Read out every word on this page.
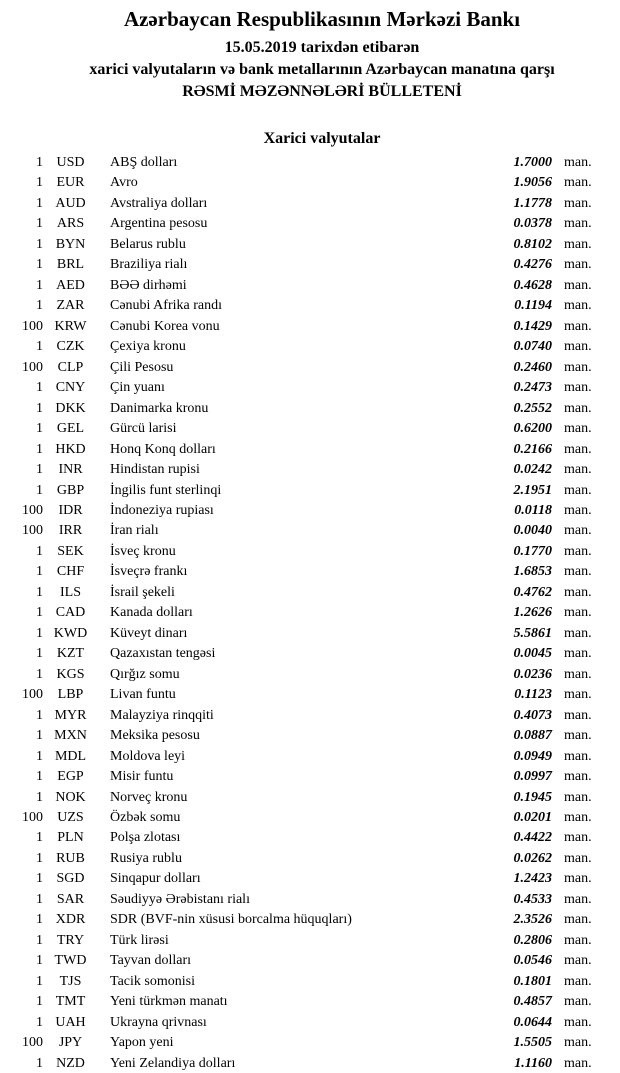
Azərbaycan Respublikasının Mərkəzi Bankı
15.05.2019 tarixdən etibarən
xarici valyutaların və bank metallarının Azərbaycan manatına qarşı
RƏSMİ MƏZƏNNƏLƏRİ BÜLLETENİ
Xarici valyutalar
1 USD	ABŞ dolları	1.7000 man.
1 EUR	Avro	1.9056 man.
1 AUD	Avstraliya dolları	1.1778 man.
1 ARS	Argentina pesosu	0.0378 man.
1 BYN	Belarus rublu	0.8102 man.
1 BRL	Braziliya rialı	0.4276 man.
1 AED	BƏƏ dirhəmi	0.4628 man.
1 ZAR	Cənubi Afrika randı	0.1194 man.
100 KRW	Cənubi Korea vonu	0.1429 man.
1 CZK	Çexiya kronu	0.0740 man.
100	CLP	Çili Pesosu	0.2460 man.
1 CNY	Çin yuanı	0.2473 man.
1 DKK	Danimarka kronu	0.2552 man.
1 GEL	Gürcü larisi	0.6200 man.
1 HKD	Honq Konq dolları	0.2166 man.
1	INR	Hindistan rupisi	0.0242 man.
1 GBP	İngilis funt sterlinqi	2.1951 man.
100	IDR	İndoneziya rupiası	0.0118 man.
100	IRR	İran rialı	0.0040 man.
1	SEK	İsveç kronu	0.1770 man.
1 CHF	İsveçrə frankı	1.6853 man.
1	ILS	İsrail şekeli	0.4762 man.
1 CAD	Kanada dolları	1.2626 man.
1 KWD	Küveyt dinarı	5.5861 man.
1 KZT	Qazaxıstan tengəsi	0.0045 man.
1 KGS	Qırğız somu	0.0236 man.
100	LBP	Livan funtu	0.1123 man.
1 MYR	Malayziya rinqqiti	0.4073 man.
1 MXN	Meksika pesosu	0.0887 man.
1 MDL	Moldova leyi	0.0949 man.
1	EGP	Misir funtu	0.0997 man.
1 NOK	Norveç kronu	0.1945 man.
100	UZS	Özbək somu	0.0201 man.
1	PLN	Polşa zlotası	0.4422 man.
1 RUB	Rusiya rublu	0.0262 man.
1 SGD	Sinqapur dolları	1.2423 man.
1 SAR	Səudiyyə Ərəbistanı rialı	0.4533 man.
1 XDR	SDR (BVF-nin xüsusi borcalma hüquqları)	2.3526 man.
1 TRY	Türk lirəsi	0.2806 man.
1 TWD	Tayvan dolları	0.0546 man.
1	TJS	Tacik somonisi	0.1801 man.
1 TMT	Yeni türkmən manatı	0.4857 man.
1 UAH	Ukrayna qrivnası	0.0644 man.
100	JPY	Yapon yeni	1.5505 man.
1 NZD	Yeni Zelandiya dolları	1.1160 man.
